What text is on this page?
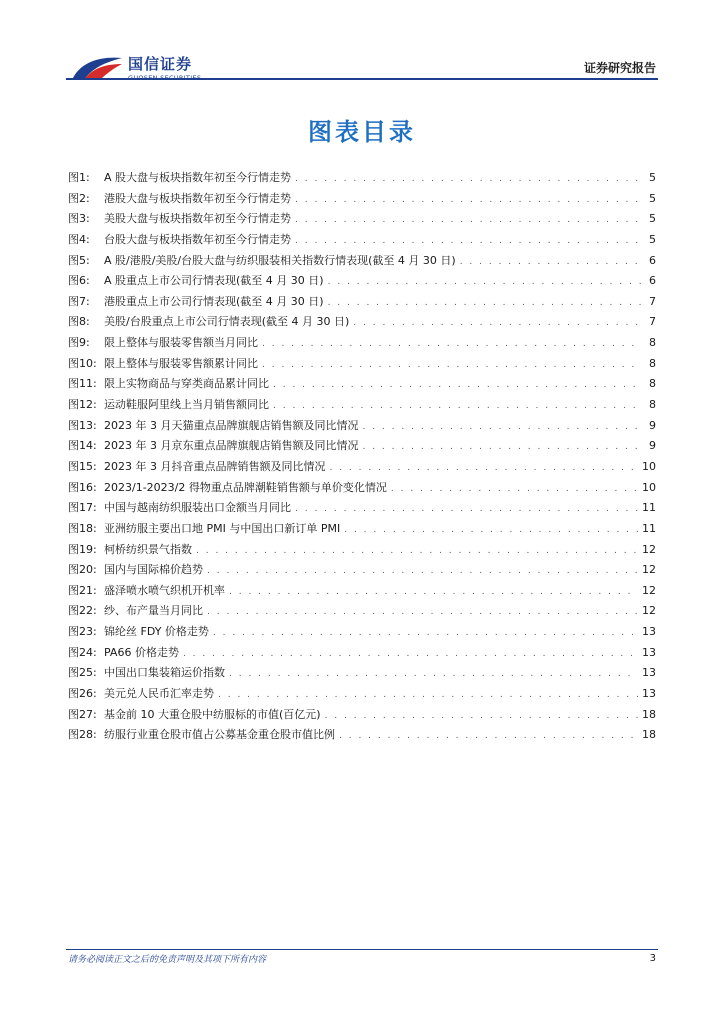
国信证券
GUOSEN SECURITIES
证券研究报告
图表目录
图1:	A 股大盘与板块指数年初至今行情走势 . . .	5
图2:	港股大盘与板块指数年初至今行情走势 . . .	5
图3:	美股大盘与板块指数年初至今行情走势 . . .	5
图4:	台股大盘与板块指数年初至今行情走势 . . .	5
图5:	A 股/港股/美股/台股大盘与纺织服装相关指数行情表现(截至 4 月 30 日) . . .	6
图6:	A 股重点上市公司行情表现(截至 4 月 30 日) . . .	6
图7:	港股重点上市公司行情表现(截至 4 月 30 日) . . .	7
图8:	美股/台股重点上市公司行情表现(截至 4 月 30 日) . . .	7
图9:	限上整体与服装零售额当月同比 . . .	8
图10: 限上整体与服装零售额累计同比 . . .	8
图11: 限上实物商品与穿类商品累计同比 . . .	8
图12: 运动鞋服阿里线上当月销售额同比 . . .	8
图13: 2023 年 3 月天猫重点品牌旗舰店销售额及同比情况 . . .	9
图14: 2023 年 3 月京东重点品牌旗舰店销售额及同比情况 . . .	9
图15: 2023 年 3 月抖音重点品牌销售额及同比情况 . . .	10
图16: 2023/1-2023/2 得物重点品牌潮鞋销售额与单价变化情况 . . .	10
图17: 中国与越南纺织服装出口金额当月同比 . . .	11
图18: 亚洲纺服主要出口地 PMI 与中国出口新订单 PMI . . .	11
图19: 柯桥纺织景气指数 . . .	12
图20: 国内与国际棉价趋势 . . .	12
图21: 盛泽喷水喷气织机开机率 . . .	12
图22: 纱、布产量当月同比 . . .	12
图23: 锦纶丝 FDY 价格走势 . . .	13
图24: PA66 价格走势 . . .	13
图25: 中国出口集装箱运价指数 . . .	13
图26: 美元兑人民币汇率走势 . . .	13
图27: 基金前 10 大重仓股中纺服标的市值(百亿元) . . .	18
图28: 纺服行业重仓股市值占公募基金重仓股市值比例 . . .	18
请务必阅读正文之后的免责声明及其项下所有内容	3
